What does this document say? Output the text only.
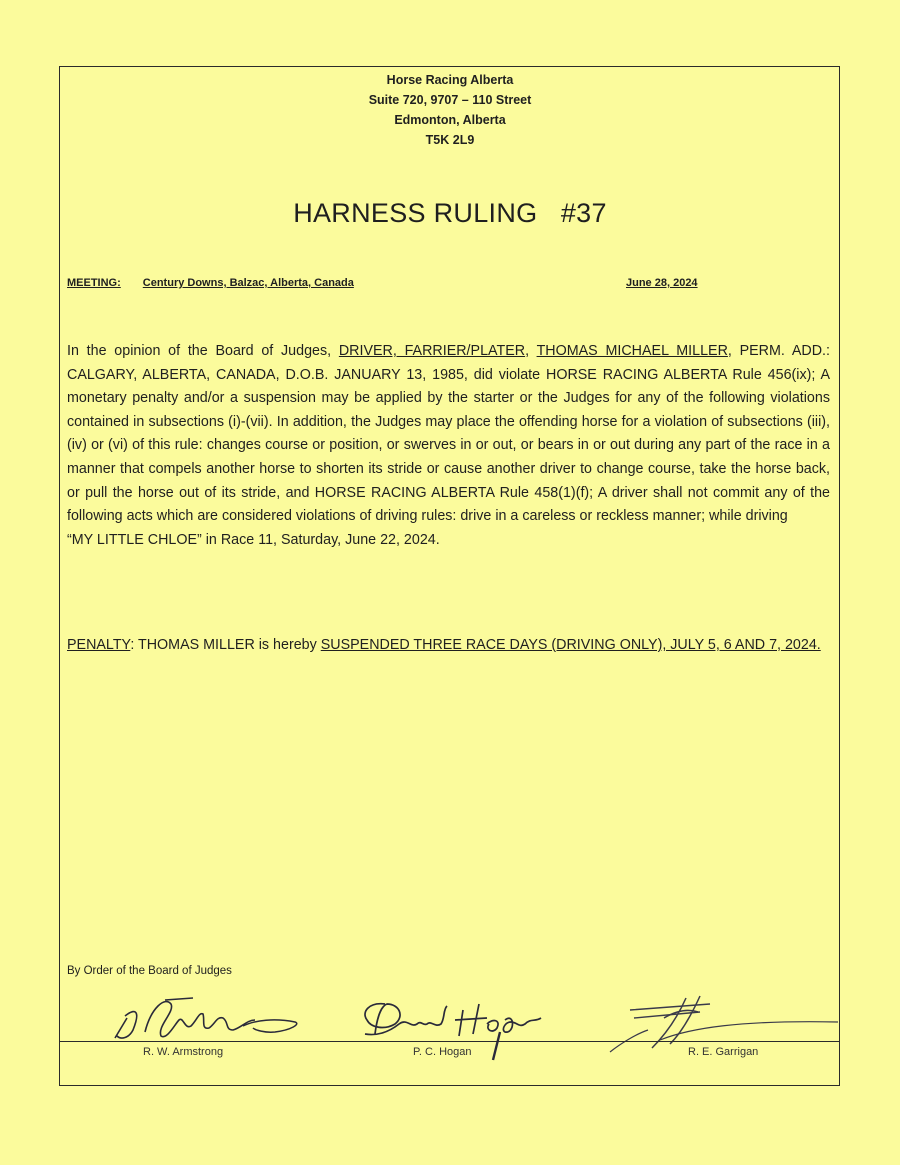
Horse Racing Alberta
Suite 720, 9707 – 110 Street
Edmonton, Alberta
T5K 2L9
HARNESS RULING   #37
MEETING: Century Downs, Balzac, Alberta, Canada	June 28, 2024

In the opinion of the Board of Judges, DRIVER, FARRIER/PLATER, THOMAS MICHAEL MILLER, PERM. ADD.: CALGARY, ALBERTA, CANADA, D.O.B. JANUARY 13, 1985, did violate HORSE RACING ALBERTA Rule 456(ix); A monetary penalty and/or a suspension may be applied by the starter or the Judges for any of the following violations contained in subsections (i)-(vii). In addition, the Judges may place the offending horse for a violation of subsections (iii), (iv) or (vi) of this rule: changes course or position, or swerves in or out, or bears in or out during any part of the race in a manner that compels another horse to shorten its stride or cause another driver to change course, take the horse back, or pull the horse out of its stride, and HORSE RACING ALBERTA Rule 458(1)(f); A driver shall not commit any of the following acts which are considered violations of driving rules: drive in a careless or reckless manner; while driving
“MY LITTLE CHLOE” in Race 11, Saturday, June 22, 2024.

PENALTY: THOMAS MILLER is hereby SUSPENDED THREE RACE DAYS (DRIVING ONLY), JULY 5, 6 AND 7, 2024.
By Order of the Board of Judges
R. W. Armstrong	P. C. Hogan	R. E. Garrigan
